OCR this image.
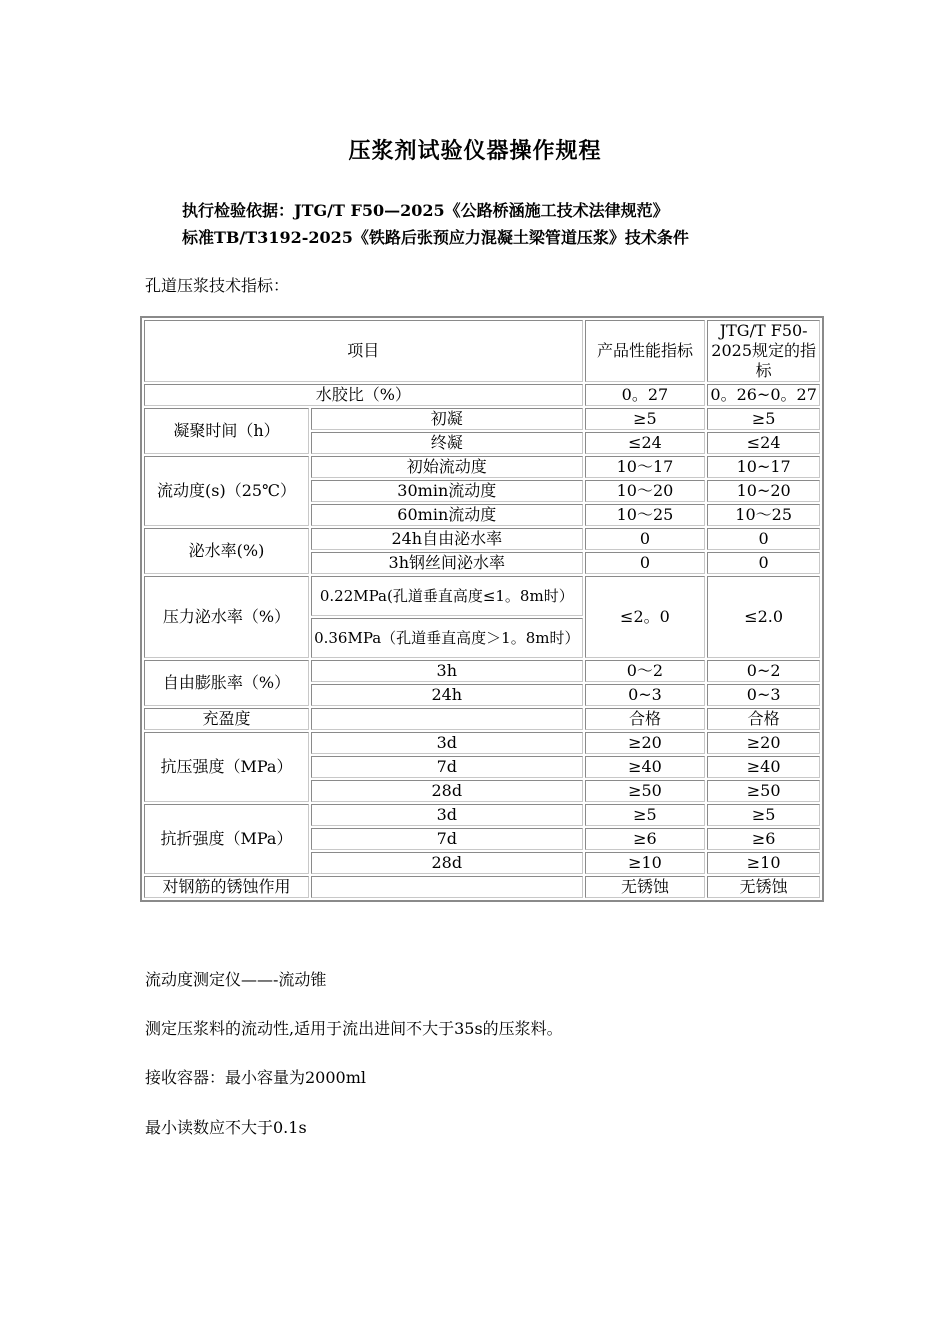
压浆剂试验仪器操作规程
执行检验依据：JTG/T F50—2025《公路桥涵施工技术法律规范》
标准TB/T3192-2025《铁路后张预应力混凝土梁管道压浆》技术条件
孔道压浆技术指标：
项目		产品性能指标	JTG/T F50-2025规定的指标
水胶比（%）		0。27	0。26~0。27
凝聚时间（h）	初凝	≥5	≥5
	终凝	≤24	≤24
流动度(s)（25℃）	初始流动度	10～17	10~17
	30min流动度	10～20	10~20
	60min流动度	10～25	10～25
泌水率(%)	24h自由泌水率	0	0
	3h钢丝间泌水率	0	0
压力泌水率（%）	0.22MPa(孔道垂直高度≤1。8m时）	≤2。0	≤2.0
	0.36MPa（孔道垂直高度＞1。8m时）		
自由膨胀率（%）	3h	0～2	0~2
	24h	0~3	0~3
充盈度		合格	合格
抗压强度（MPa）	3d	≥20	≥20
	7d	≥40	≥40
	28d	≥50	≥50
抗折强度（MPa）	3d	≥5	≥5
	7d	≥6	≥6
	28d	≥10	≥10
对钢筋的锈蚀作用		无锈蚀	无锈蚀
流动度测定仪——-流动锥
测定压浆料的流动性,适用于流出进间不大于35s的压浆料。
接收容器：最小容量为2000ml
最小读数应不大于0.1s
